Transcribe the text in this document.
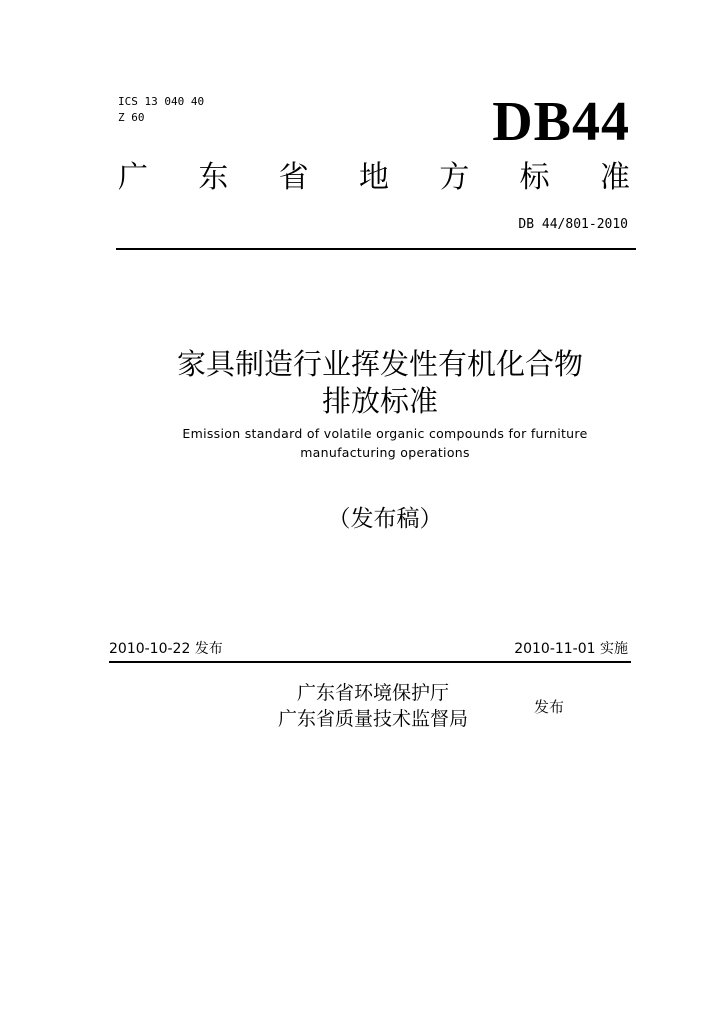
ICS 13 040 40
Z 60	DB44
广 东 省 地 方 标 准
DB 44/801-2010
家具制造行业挥发性有机化合物
排放标准
Emission standard of volatile organic compounds for furniture
manufacturing operations
（发布稿）
2010-10-22 发布	2010-11-01 实施
广东省环境保护厅
广东省质量技术监督局
发布
